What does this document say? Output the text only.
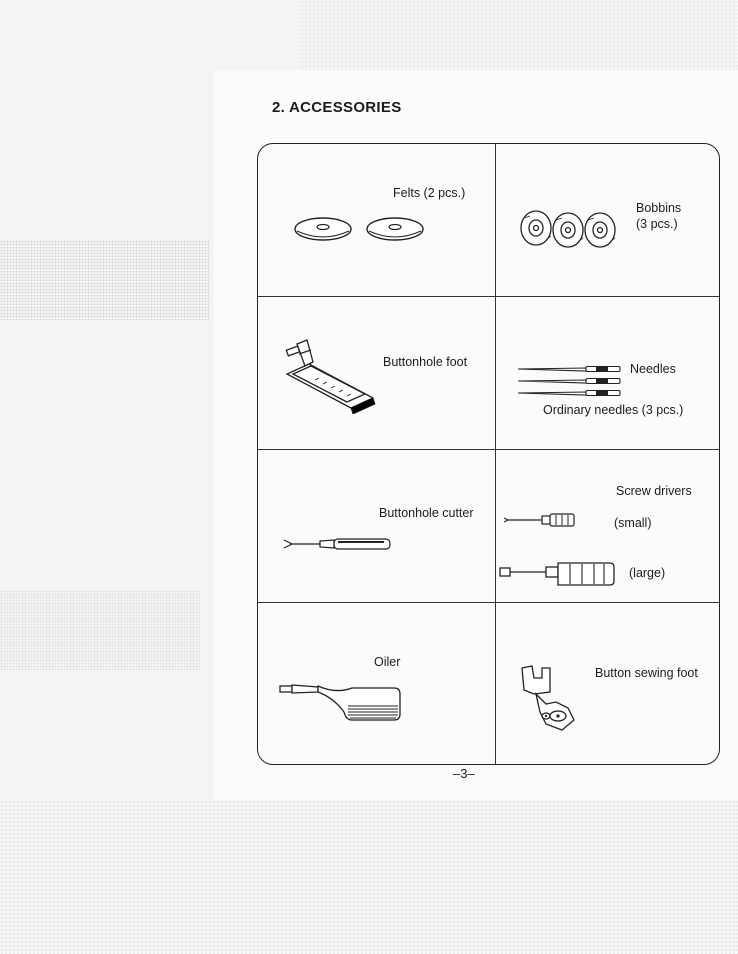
2. ACCESSORIES
Felts (2 pcs.)
Bobbins
(3 pcs.)
Buttonhole foot	Needles
Ordinary needles (3 pcs.)
Buttonhole cutter
Screw drivers
(small)
(large)
Oiler
Button sewing foot
–3–
